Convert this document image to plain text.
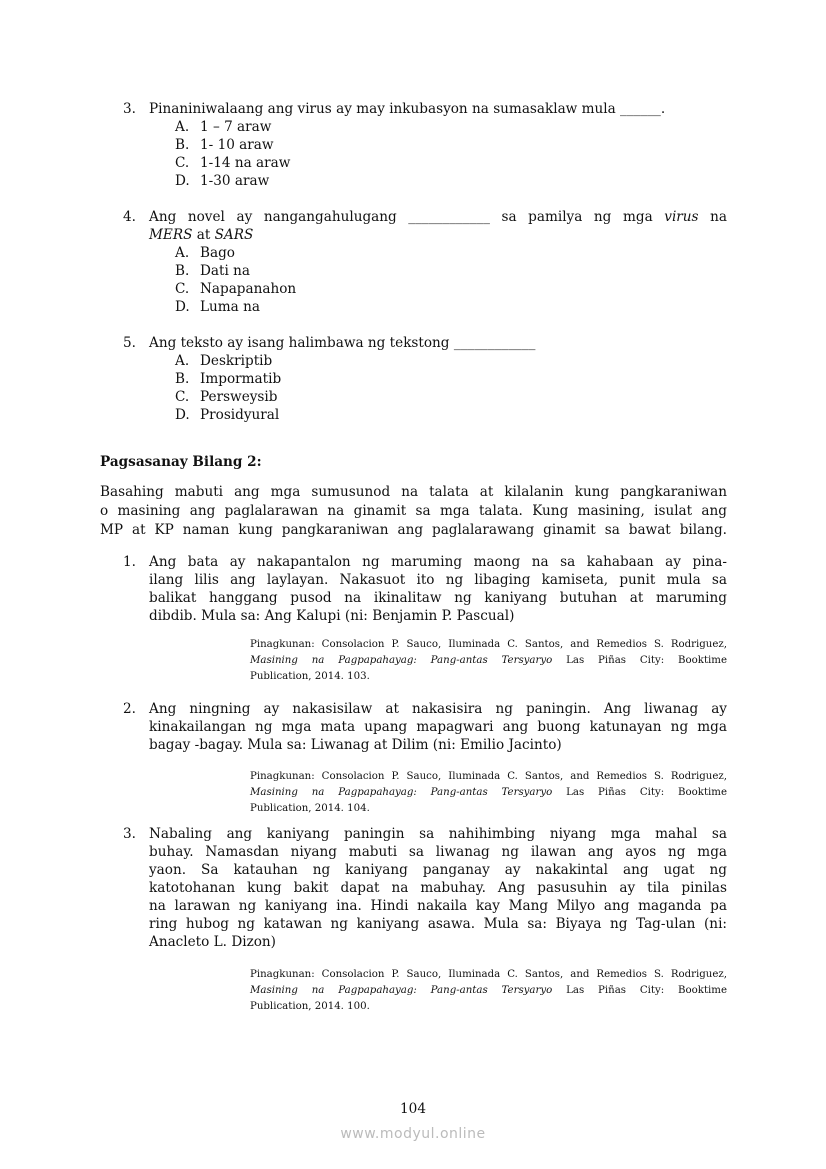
3. Pinaniniwalaang ang virus ay may inkubasyon na sumasaklaw mula ______.
A. 1 – 7 araw
B. 1- 10 araw
C. 1-14 na araw
D. 1-30 araw
4. Ang novel ay nangangahulugang ____________ sa pamilya ng mga virus na
MERS at SARS
A. Bago
B. Dati na
C. Napapanahon
D. Luma na
5. Ang teksto ay isang halimbawa ng tekstong ____________
A. Deskriptib
B. Impormatib
C. Persweysib
D. Prosidyural
Pagsasanay Bilang 2:
Basahing mabuti ang mga sumusunod na talata at kilalanin kung pangkaraniwan
o masining ang paglalarawan na ginamit sa mga talata. Kung masining, isulat ang
MP at KP naman kung pangkaraniwan ang paglalarawang ginamit sa bawat bilang.
1. Ang bata ay nakapantalon ng maruming maong na sa kahabaan ay pina-
ilang lilis ang laylayan. Nakasuot ito ng libaging kamiseta, punit mula sa
balikat hanggang pusod na ikinalitaw ng kaniyang butuhan at maruming
dibdib. Mula sa: Ang Kalupi (ni: Benjamin P. Pascual)
Pinagkunan: Consolacion P. Sauco, Iluminada C. Santos, and Remedios S. Rodriguez,
Masining na Pagpapahayag: Pang-antas Tersyaryo Las Piñas City: Booktime
Publication, 2014. 103.
2. Ang ningning ay nakasisilaw at nakasisira ng paningin. Ang liwanag ay
kinakailangan ng mga mata upang mapagwari ang buong katunayan ng mga
bagay -bagay. Mula sa: Liwanag at Dilim (ni: Emilio Jacinto)
Pinagkunan: Consolacion P. Sauco, Iluminada C. Santos, and Remedios S. Rodriguez,
Masining na Pagpapahayag: Pang-antas Tersyaryo Las Piñas City: Booktime
Publication, 2014. 104.
3. Nabaling ang kaniyang paningin sa nahihimbing niyang mga mahal sa
buhay. Namasdan niyang mabuti sa liwanag ng ilawan ang ayos ng mga
yaon. Sa katauhan ng kaniyang panganay ay nakakintal ang ugat ng
katotohanan kung bakit dapat na mabuhay. Ang pasusuhin ay tila pinilas
na larawan ng kaniyang ina. Hindi nakaila kay Mang Milyo ang maganda pa
ring hubog ng katawan ng kaniyang asawa. Mula sa: Biyaya ng Tag-ulan (ni:
Anacleto L. Dizon)
Pinagkunan: Consolacion P. Sauco, Iluminada C. Santos, and Remedios S. Rodriguez,
Masining na Pagpapahayag: Pang-antas Tersyaryo Las Piñas City: Booktime
Publication, 2014. 100.
104
www.modyul.online
